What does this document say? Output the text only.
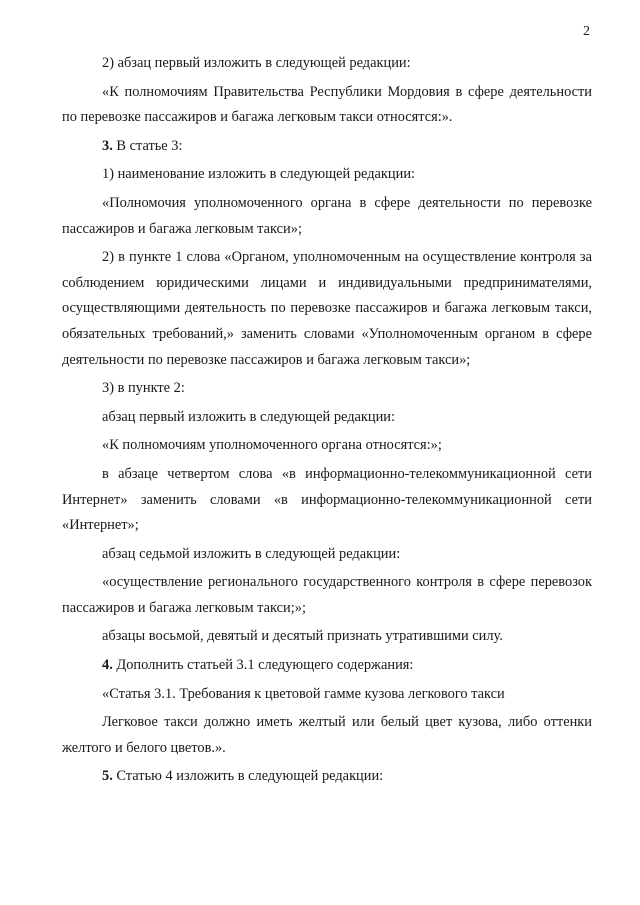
2

2) абзац первый изложить в следующей редакции:

«К полномочиям Правительства Республики Мордовия в сфере деятельности по перевозке пассажиров и багажа легковым такси относятся:».

3. В статье 3:

1) наименование изложить в следующей редакции:

«Полномочия уполномоченного органа в сфере деятельности по перевозке пассажиров и багажа легковым такси»;

2) в пункте 1 слова «Органом, уполномоченным на осуществление контроля за соблюдением юридическими лицами и индивидуальными предпринимателями, осуществляющими деятельность по перевозке пассажиров и багажа легковым такси, обязательных требований,» заменить словами «Уполномоченным органом в сфере деятельности по перевозке пассажиров и багажа легковым такси»;

3) в пункте 2:

абзац первый изложить в следующей редакции:

«К полномочиям уполномоченного органа относятся:»;

в абзаце четвертом слова «в информационно-телекоммуникационной сети Интернет» заменить словами «в информационно-телекоммуникационной сети «Интернет»;

абзац седьмой изложить в следующей редакции:

«осуществление регионального государственного контроля в сфере перевозок пассажиров и багажа легковым такси;»;

абзацы восьмой, девятый и десятый признать утратившими силу.

4. Дополнить статьей 3.1 следующего содержания:

«Статья 3.1. Требования к цветовой гамме кузова легкового такси

Легковое такси должно иметь желтый или белый цвет кузова, либо оттенки желтого и белого цветов.».

5. Статью 4 изложить в следующей редакции:
